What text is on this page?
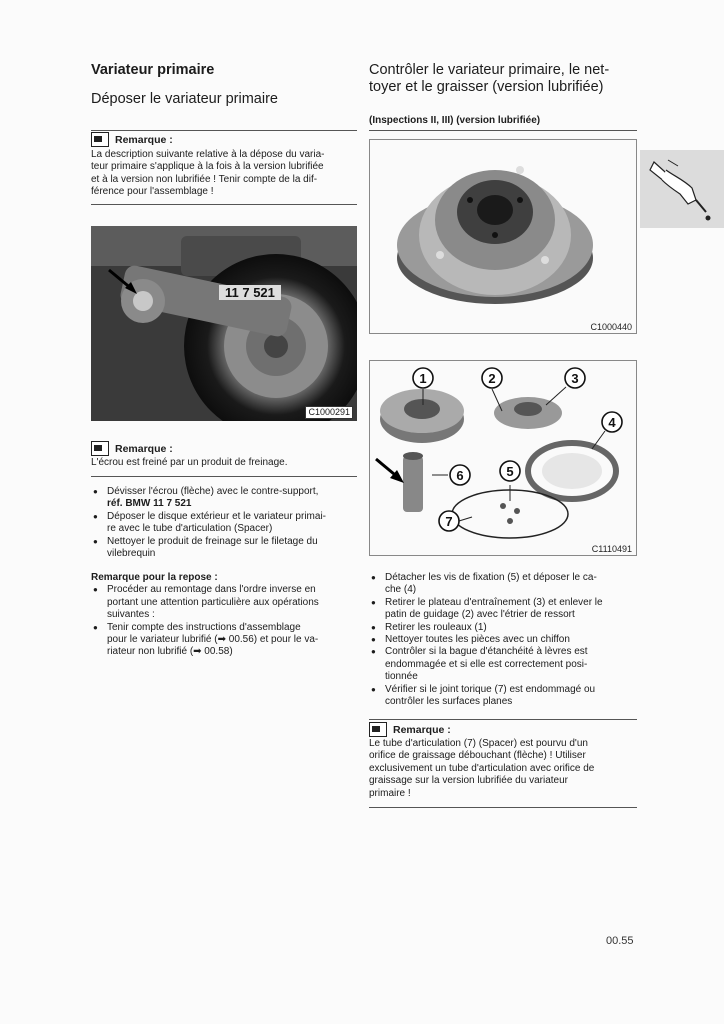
Variateur primaire
Déposer le variateur primaire
Remarque :
La description suivante relative à la dépose du varia-
teur primaire s'applique à la fois à la version lubrifiée
et à la version non lubrifiée ! Tenir compte de la dif-
férence pour l'assemblage !
11 7 521
C1000291
Remarque :
L'écrou est freiné par un produit de freinage.
● Dévisser l'écrou (flèche) avec le contre-support,
réf. BMW 11 7 521
● Déposer le disque extérieur et le variateur primai-
re avec le tube d'articulation (Spacer)
● Nettoyer le produit de freinage sur le filetage du
vilebrequin
Remarque pour la repose :
● Procéder au remontage dans l'ordre inverse en
portant une attention particulière aux opérations
suivantes :
● Tenir compte des instructions d'assemblage
pour le variateur lubrifié (➡ 00.56) et pour le va-
riateur non lubrifié (➡ 00.58)
Contrôler le variateur primaire, le net-
toyer et le graisser (version lubrifiée)
(Inspections II, III) (version lubrifiée)
C1000440
1	2	3
4
5
6
7
C1110491
● Détacher les vis de fixation (5) et déposer le ca-
che (4)
● Retirer le plateau d'entraînement (3) et enlever le
patin de guidage (2) avec l'étrier de ressort
● Retirer les rouleaux (1)
● Nettoyer toutes les pièces avec un chiffon
● Contrôler si la bague d'étanchéité à lèvres est
endommagée et si elle est correctement posi-
tionnée
● Vérifier si le joint torique (7) est endommagé ou
contrôler les surfaces planes
Remarque :
Le tube d'articulation (7) (Spacer) est pourvu d'un
orifice de graissage débouchant (flèche) ! Utiliser
exclusivement un tube d'articulation avec orifice de
graissage sur la version lubrifiée du variateur
primaire !
00.55
